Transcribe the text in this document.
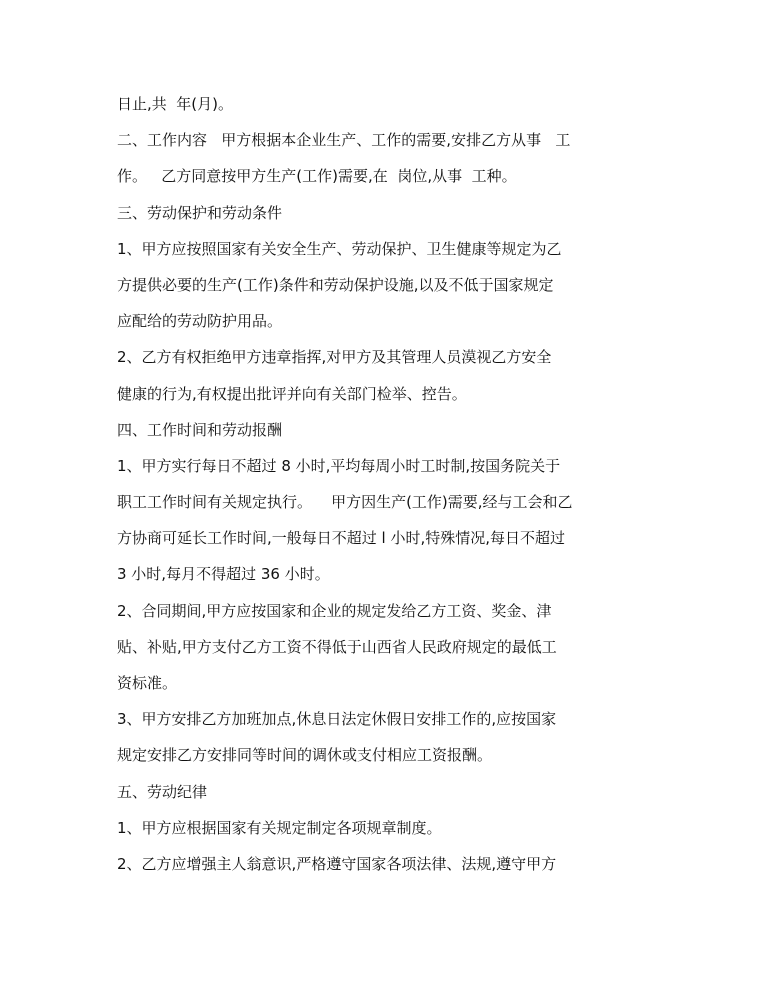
日止,共  年(月)。
二、工作内容   甲方根据本企业生产、工作的需要,安排乙方从事   工
作。   乙方同意按甲方生产(工作)需要,在  岗位,从事  工种。
三、劳动保护和劳动条件
1、甲方应按照国家有关安全生产、劳动保护、卫生健康等规定为乙
方提供必要的生产(工作)条件和劳动保护设施,以及不低于国家规定
应配给的劳动防护用品。
2、乙方有权拒绝甲方违章指挥,对甲方及其管理人员漠视乙方安全
健康的行为,有权提出批评并向有关部门检举、控告。
四、工作时间和劳动报酬
1、甲方实行每日不超过 8 小时,平均每周小时工时制,按国务院关于
职工工作时间有关规定执行。    甲方因生产(工作)需要,经与工会和乙
方协商可延长工作时间,一般每日不超过 l 小时,特殊情况,每日不超过
3 小时,每月不得超过 36 小时。
2、合同期间,甲方应按国家和企业的规定发给乙方工资、奖金、津
贴、补贴,甲方支付乙方工资不得低于山西省人民政府规定的最低工
资标准。
3、甲方安排乙方加班加点,休息日法定休假日安排工作的,应按国家
规定安排乙方安排同等时间的调休或支付相应工资报酬。
五、劳动纪律
1、甲方应根据国家有关规定制定各项规章制度。
2、乙方应增强主人翁意识,严格遵守国家各项法律、法规,遵守甲方
